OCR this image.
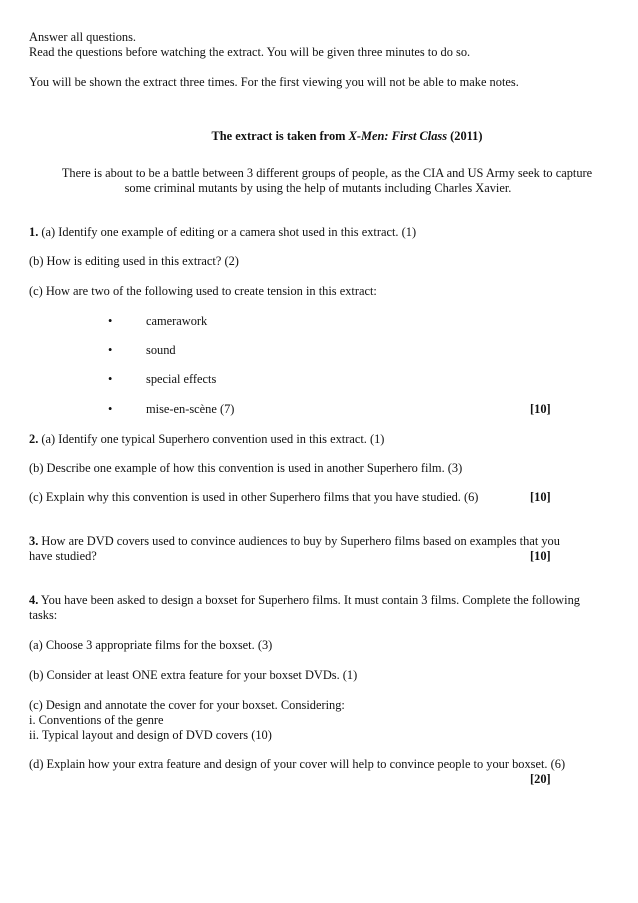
Answer all questions.
Read the questions before watching the extract. You will be given three minutes to do so.
You will be shown the extract three times. For the first viewing you will not be able to make notes.
The extract is taken from X-Men: First Class (2011)
There is about to be a battle between 3 different groups of people, as the CIA and US Army seek to capture
some criminal mutants by using the help of mutants including Charles Xavier.
1. (a) Identify one example of editing or a camera shot used in this extract. (1)
(b) How is editing used in this extract? (2)
(c) How are two of the following used to create tension in this extract:
•	camerawork
•	sound
•	special effects
•	mise-en-scène (7)	[10]
2. (a) Identify one typical Superhero convention used in this extract. (1)
(b) Describe one example of how this convention is used in another Superhero film. (3)
(c) Explain why this convention is used in other Superhero films that you have studied. (6)	[10]
3. How are DVD covers used to convince audiences to buy by Superhero films based on examples that you
have studied?	[10]
4. You have been asked to design a boxset for Superhero films. It must contain 3 films. Complete the following
tasks:
(a) Choose 3 appropriate films for the boxset. (3)
(b) Consider at least ONE extra feature for your boxset DVDs. (1)
(c) Design and annotate the cover for your boxset. Considering:
i. Conventions of the genre
ii. Typical layout and design of DVD covers (10)
(d) Explain how your extra feature and design of your cover will help to convince people to your boxset. (6)
[20]
